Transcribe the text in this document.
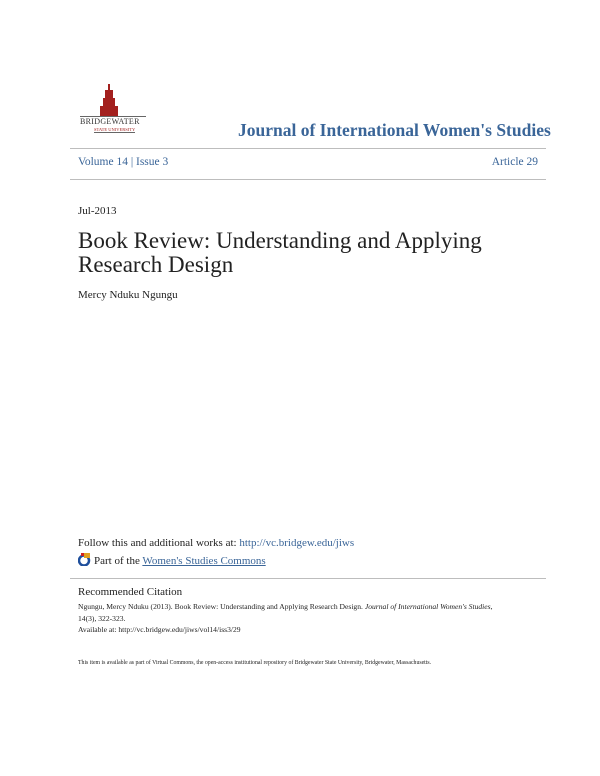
BRIDGEWATER
STATE UNIVERSITY	Journal of International Women's Studies
Volume 14 | Issue 3	Article 29
Jul-2013
Book Review: Understanding and Applying
Research Design
Mercy Nduku Ngungu
Follow this and additional works at: http://vc.bridgew.edu/jiws
Part of the Women's Studies Commons
Recommended Citation
Ngungu, Mercy Nduku (2013). Book Review: Understanding and Applying Research Design. Journal of International Women's Studies,
14(3), 322-323.
Available at: http://vc.bridgew.edu/jiws/vol14/iss3/29
This item is available as part of Virtual Commons, the open-access institutional repository of Bridgewater State University, Bridgewater, Massachusetts.
